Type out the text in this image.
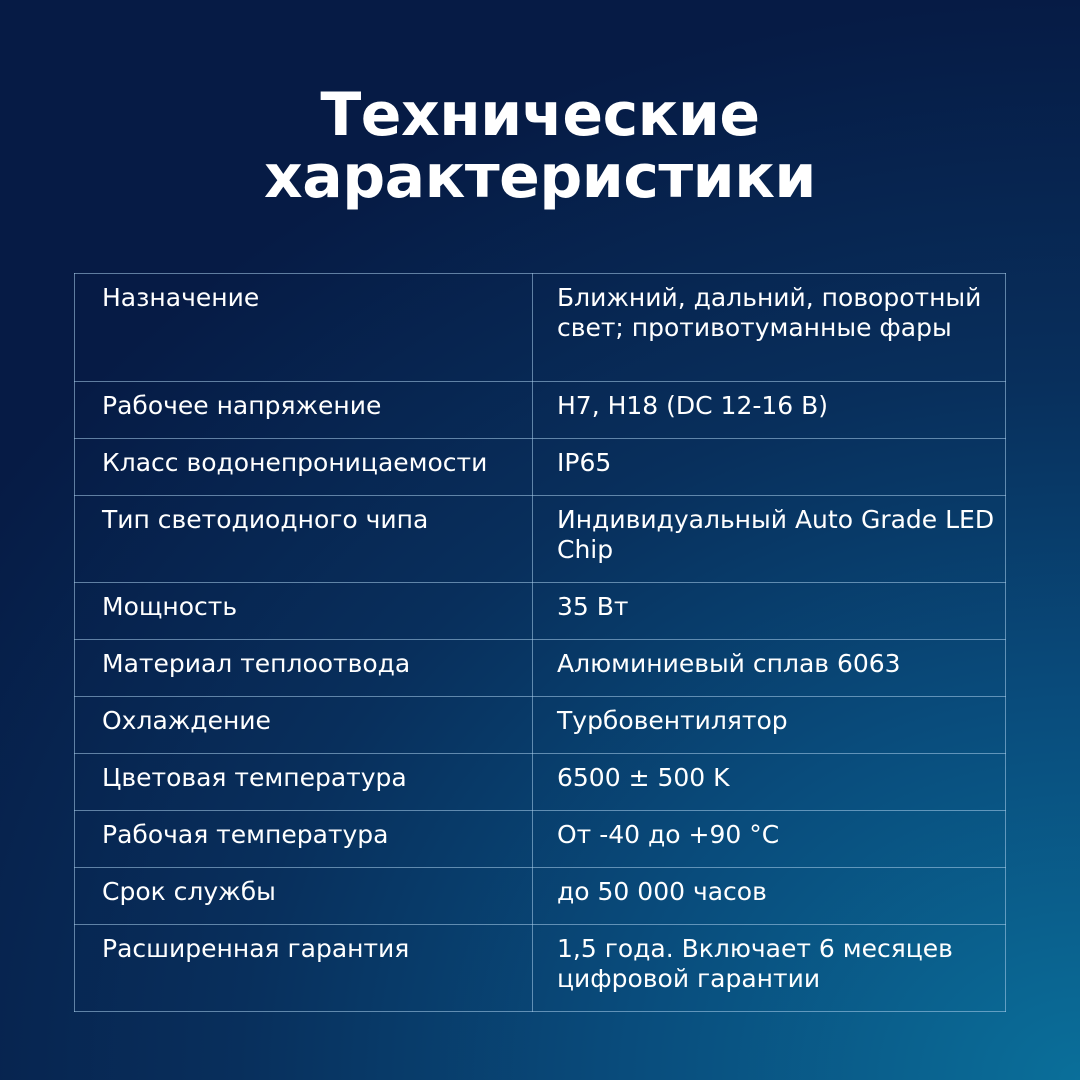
Технические
характеристики
Назначение	Ближний, дальний, поворотный свет; противотуманные фары
Рабочее напряжение	H7, H18 (DC 12-16 В)
Класс водонепроницаемости	IP65
Тип светодиодного чипа	Индивидуальный Auto Grade LED Chip
Мощность	35 Вт
Материал теплоотвода	Алюминиевый сплав 6063
Охлаждение	Турбовентилятор
Цветовая температура	6500 ± 500 K
Рабочая температура	От -40 до +90 °C
Срок службы	до 50 000 часов
Расширенная гарантия	1,5 года. Включает 6 месяцев цифровой гарантии
